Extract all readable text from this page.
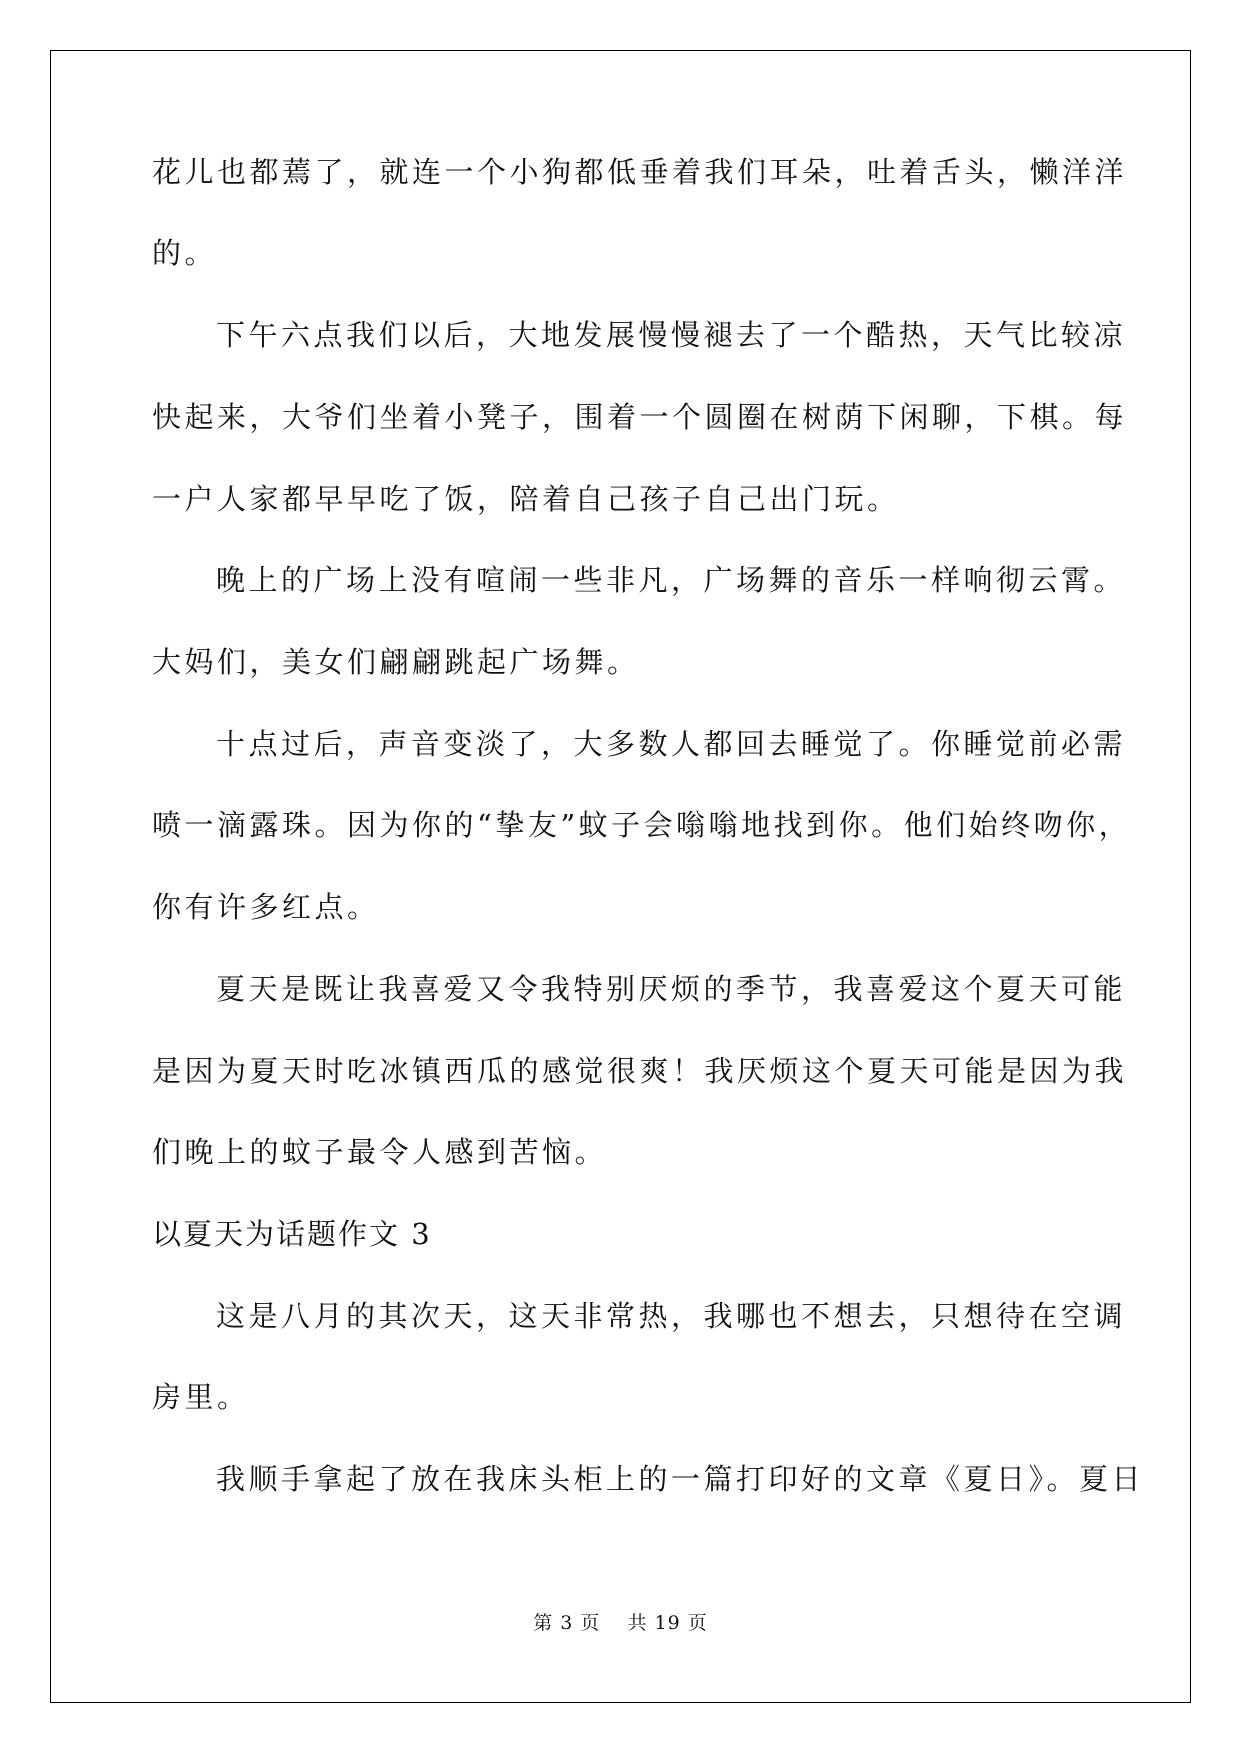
花儿也都蔫了，就连一个小狗都低垂着我们耳朵，吐着舌头，懒洋洋
的。
下午六点我们以后，大地发展慢慢褪去了一个酷热，天气比较凉
快起来，大爷们坐着小凳子，围着一个圆圈在树荫下闲聊，下棋。每
一户人家都早早吃了饭，陪着自己孩子自己出门玩。
晚上的广场上没有喧闹一些非凡，广场舞的音乐一样响彻云霄。
大妈们，美女们翩翩跳起广场舞。
十点过后，声音变淡了，大多数人都回去睡觉了。你睡觉前必需
喷一滴露珠。因为你的“挚友”蚊子会嗡嗡地找到你。他们始终吻你，
你有许多红点。
夏天是既让我喜爱又令我特别厌烦的季节，我喜爱这个夏天可能
是因为夏天时吃冰镇西瓜的感觉很爽！我厌烦这个夏天可能是因为我
们晚上的蚊子最令人感到苦恼。
以夏天为话题作文 3
这是八月的其次天，这天非常热，我哪也不想去，只想待在空调
房里。
我顺手拿起了放在我床头柜上的一篇打印好的文章《夏日》。夏日
第 3 页 共 19 页
